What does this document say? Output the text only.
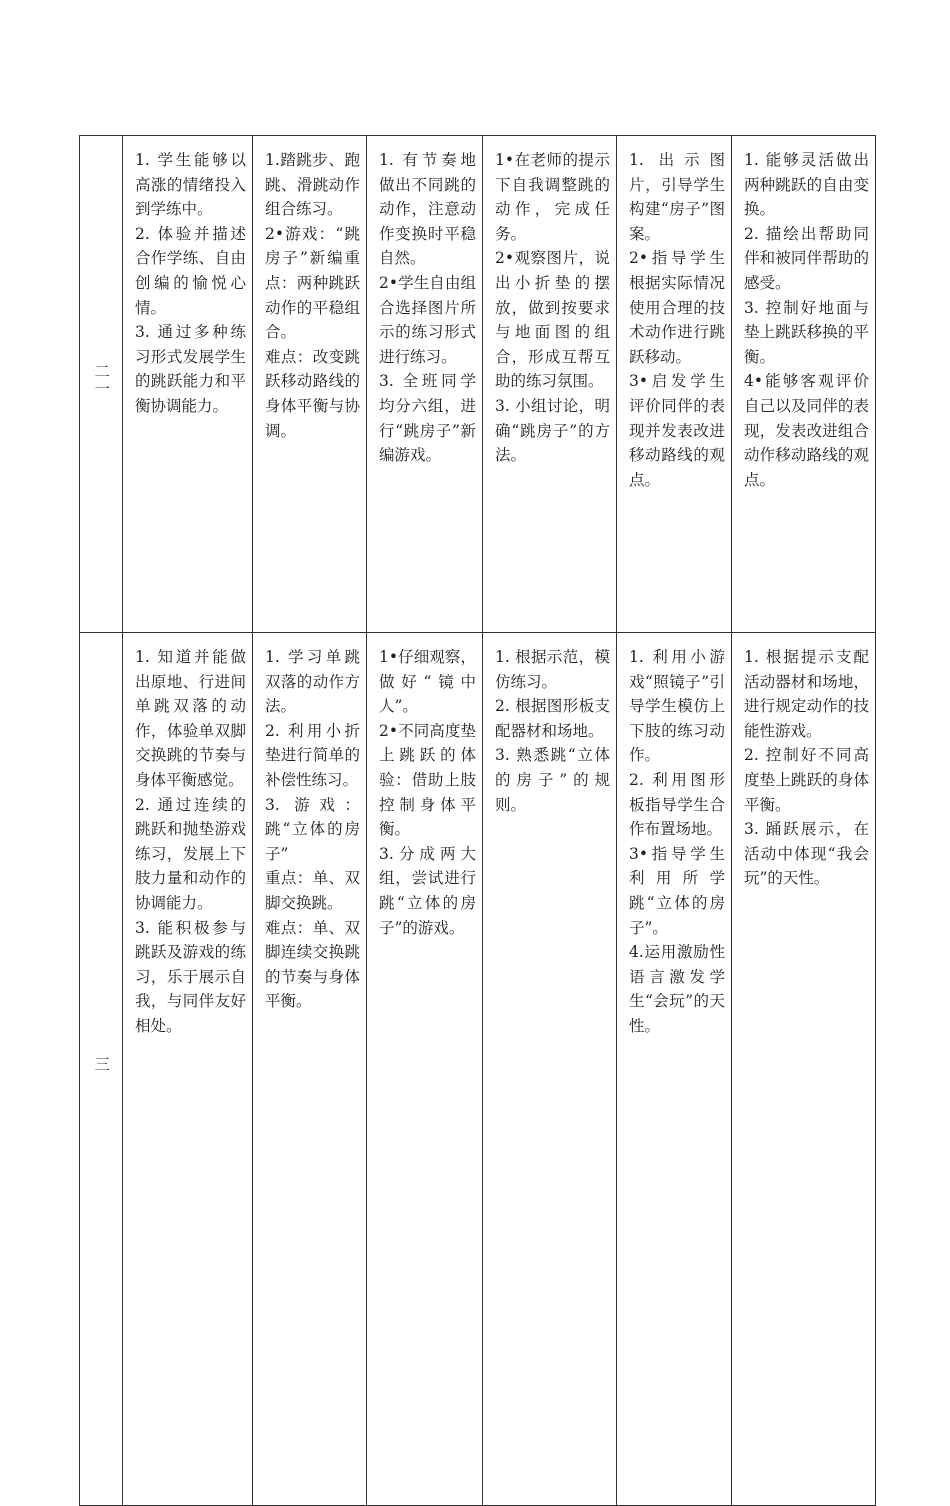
二一	1. 学生能够以高涨的情绪投入到学练中。
2. 体验并描述合作学练、自由创编的愉悦心情。
3. 通过多种练习形式发展学生的跳跃能力和平衡协调能力。	1.踏跳步、跑跳、滑跳动作组合练习。
2•游戏：“跳房子”新编重点：两种跳跃动作的平稳组合。
难点：改变跳跃移动路线的身体平衡与协调。	1. 有节奏地做出不同跳的动作，注意动作变换时平稳自然。
2•学生自由组合选择图片所示的练习形式进行练习。
3. 全班同学均分六组，进行“跳房子”新编游戏。	1•在老师的提示下自我调整跳的动作，完成任务。
2•观察图片，说出小折垫的摆放，做到按要求与地面图的组合，形成互帮互助的练习氛围。
3. 小组讨论，明确“跳房子”的方法。	1. 出示图片，引导学生构建“房子”图案。
2•指导学生根据实际情况使用合理的技术动作进行跳跃移动。
3•启发学生评价同伴的表现并发表改进移动路线的观点。	1. 能够灵活做出两种跳跃的自由变换。
2. 描绘出帮助同伴和被同伴帮助的感受。
3. 控制好地面与垫上跳跃移换的平衡。
4•能够客观评价自己以及同伴的表现，发表改进组合动作移动路线的观点。

三	1. 知道并能做出原地、行进间单跳双落的动作，体验单双脚交换跳的节奏与身体平衡感觉。
2. 通过连续的跳跃和抛垫游戏练习，发展上下肢力量和动作的协调能力。
3. 能积极参与跳跃及游戏的练习，乐于展示自我，与同伴友好相处。	1. 学习单跳双落的动作方法。
2. 利用小折垫进行简单的补偿性练习。
3. 游戏：跳“立体的房子”
重点：单、双脚交换跳。
难点：单、双脚连续交换跳的节奏与身体平衡。	1•仔细观察，做好“镜中人”。
2•不同高度垫上跳跃的体验：借助上肢控制身体平衡。
3.分成两大组，尝试进行跳“立体的房子”的游戏。	1. 根据示范，模仿练习。
2. 根据图形板支配器材和场地。
3. 熟悉跳“立体的房子”的规则。	1. 利用小游戏“照镜子”引导学生模仿上下肢的练习动作。
2. 利用图形板指导学生合作布置场地。
3•指导学生利用所学跳“立体的房子”。
4.运用激励性语言激发学生“会玩”的天性。	1. 根据提示支配活动器材和场地，进行规定动作的技能性游戏。
2. 控制好不同高度垫上跳跃的身体平衡。
3. 踊跃展示，在活动中体现“我会玩”的天性。
